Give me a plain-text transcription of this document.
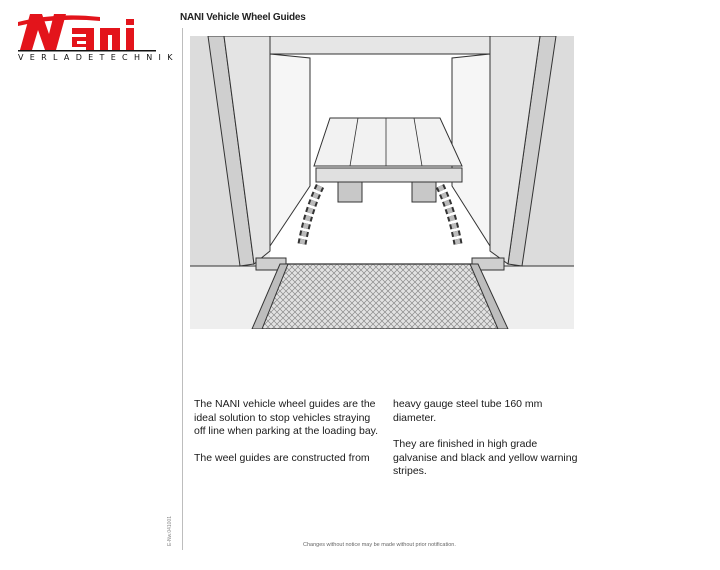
VERLADETECHNIK
NANI Vehicle Wheel Guides

The NANI vehicle wheel guides are the ideal solution to stop vehicles straying off line when parking at the loading bay.

The weel guides are constructed from

heavy gauge steel tube 160 mm diameter.

They are finished in high grade galvanise and black and yellow warning stripes.

E-Nw.041001	Changes without notice may be made without prior notification.
